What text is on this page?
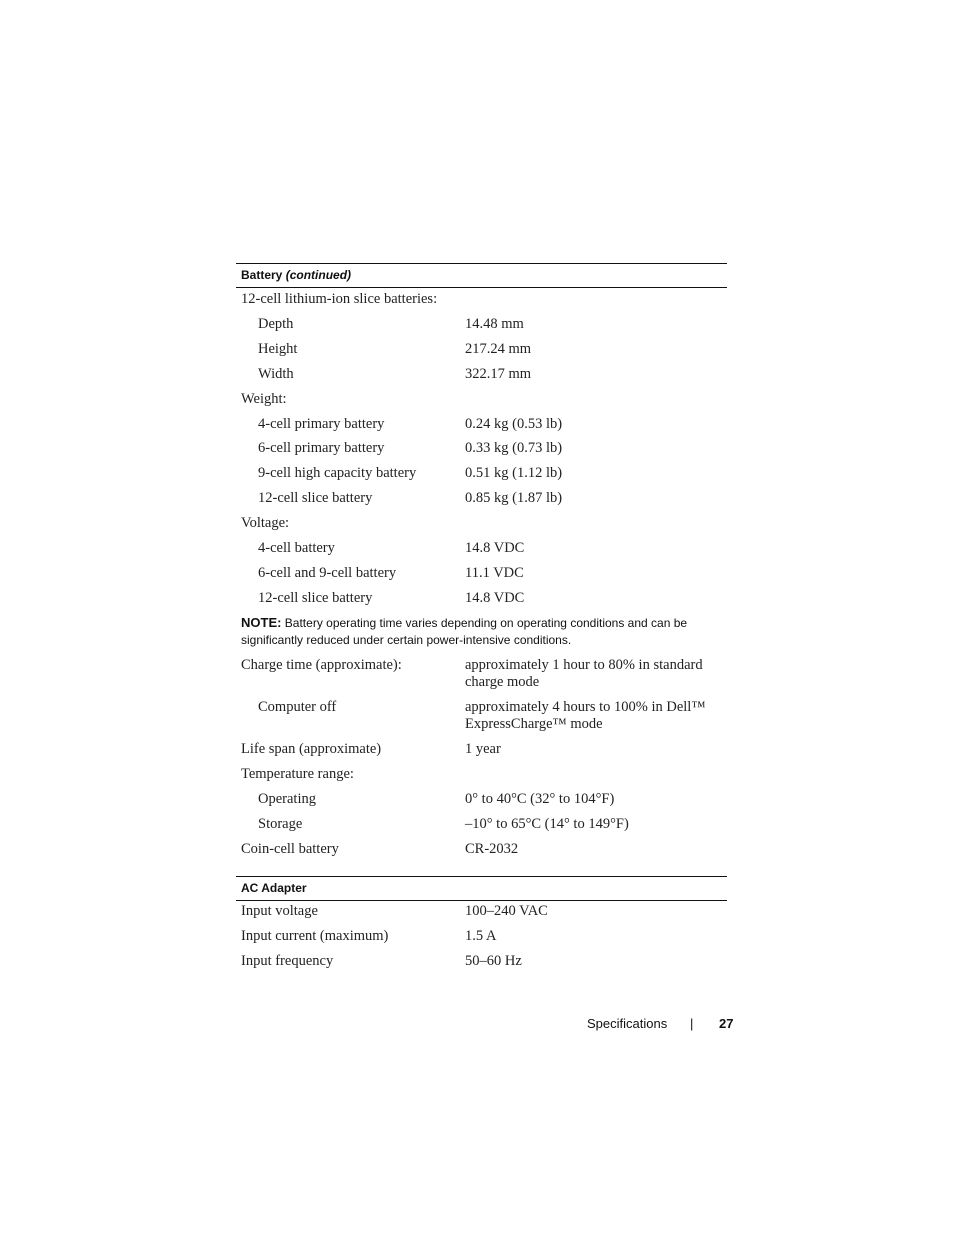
Battery (continued)
12-cell lithium-ion slice batteries:
Depth	14.48 mm
Height	217.24 mm
Width	322.17 mm
Weight:
4-cell primary battery	0.24 kg (0.53 lb)
6-cell primary battery	0.33 kg (0.73 lb)
9-cell high capacity battery	0.51 kg (1.12 lb)
12-cell slice battery	0.85 kg (1.87 lb)
Voltage:
4-cell battery	14.8 VDC
6-cell and 9-cell battery	11.1 VDC
12-cell slice battery	14.8 VDC
NOTE: Battery operating time varies depending on operating conditions and can be significantly reduced under certain power-intensive conditions.
Charge time (approximate):	approximately 1 hour to 80% in standard charge mode
Computer off	approximately 4 hours to 100% in Dell™ ExpressCharge™ mode
Life span (approximate)	1 year
Temperature range:
Operating	0° to 40°C (32° to 104°F)
Storage	–10° to 65°C (14° to 149°F)
Coin-cell battery	CR-2032
AC Adapter
Input voltage	100–240 VAC
Input current (maximum)	1.5 A
Input frequency	50–60 Hz
Specifications | 27
